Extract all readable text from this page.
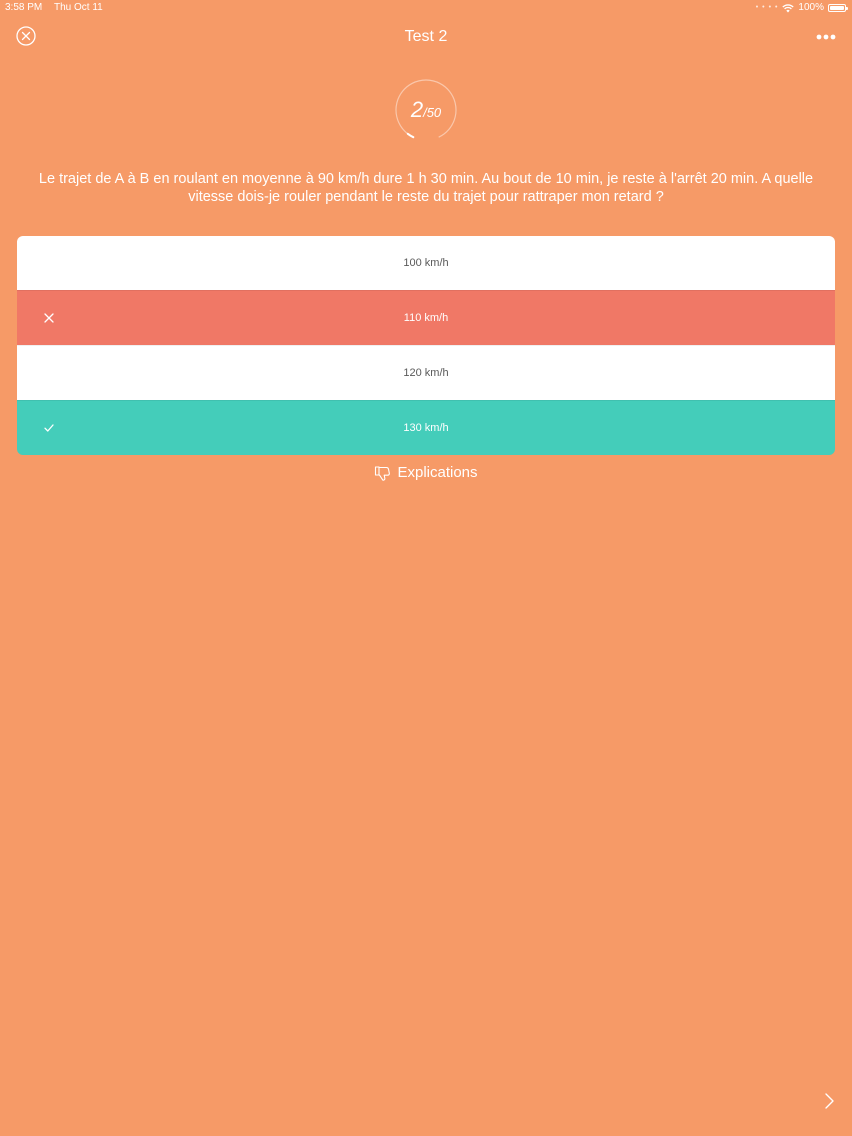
3:58 PM Thu Oct 11	• • • • 100%
Test 2
2/50
Le trajet de A à B en roulant en moyenne à 90 km/h dure 1 h 30 min. Au bout de 10 min, je reste à l'arrêt 20 min. A quelle vitesse dois-je rouler pendant le reste du trajet pour rattraper mon retard ?
100 km/h
110 km/h
120 km/h
130 km/h
Explications
